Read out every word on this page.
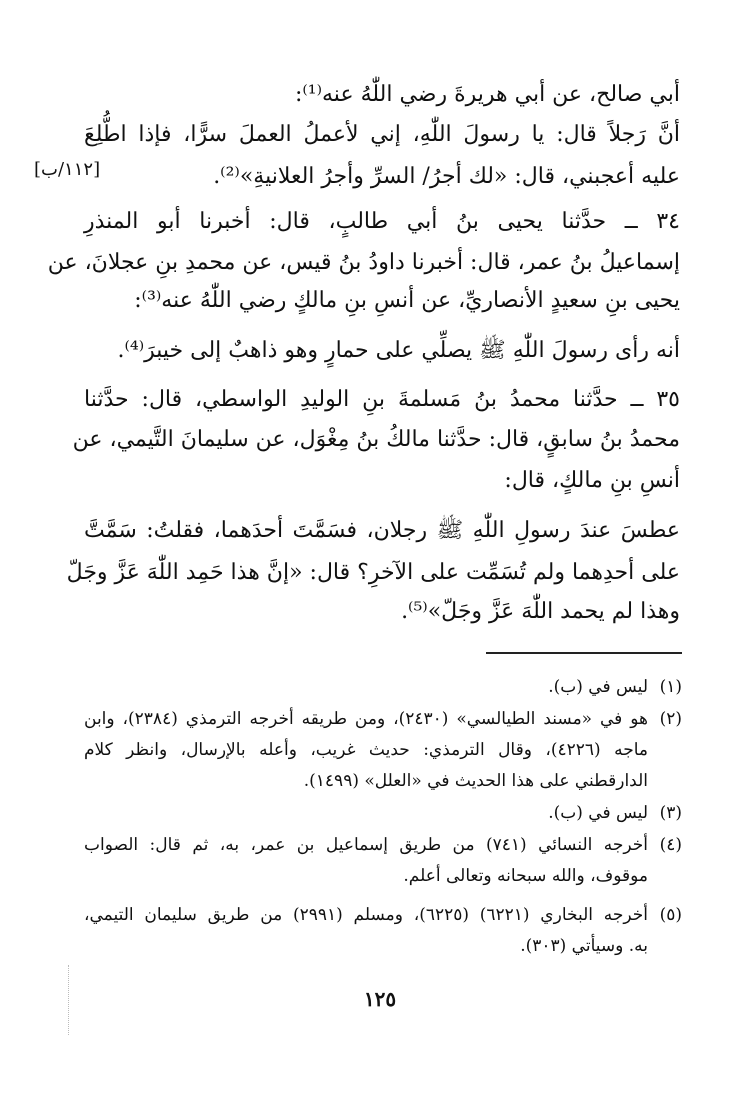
[١١٢/ب]
أبي صالح، عن أبي هريرةَ رضي اللّٰهُ عنه⁽¹⁾:
أنَّ رَجلاً قال: يا رسولَ اللّٰهِ، إني لأعملُ العملَ سرًّا، فإذا اطُّلِعَ
عليه أعجبني، قال: «لك أجرُ/ السرِّ وأجرُ العلانيةِ»⁽²⁾.
٣٤ ــ حدَّثنا يحيى بنُ أبي طالبٍ، قال: أخبرنا أبو المنذرِ
إسماعيلُ بنُ عمر، قال: أخبرنا داودُ بنُ قيس، عن محمدِ بنِ عجلانَ، عن
يحيى بنِ سعيدٍ الأنصاريِّ، عن أنسِ بنِ مالكٍ رضي اللّٰهُ عنه⁽³⁾:
أنه رأى رسولَ اللّٰهِ ﷺ يصلِّي على حمارٍ وهو ذاهبٌ إلى خيبرَ⁽⁴⁾.
٣٥ ــ حدَّثنا محمدُ بنُ مَسلمةَ بنِ الوليدِ الواسطي، قال: حدَّثنا
محمدُ بنُ سابقٍ، قال: حدَّثنا مالكُ بنُ مِغْوَل، عن سليمانَ التَّيمي، عن
أنسِ بنِ مالكٍ، قال:
عطسَ عندَ رسولِ اللّٰهِ ﷺ رجلان، فسَمَّتَ أحدَهما، فقلتُ: سَمَّتَّ
على أحدِهما ولم تُسَمِّت على الآخرِ؟ قال: «إنَّ هذا حَمِد اللّٰهَ عَزَّ وجَلّ
وهذا لم يحمد اللّٰهَ عَزَّ وجَلّ»⁽⁵⁾.
(١)
ليس في (ب).
(٢)
هو في «مسند الطيالسي» (٢٤٣٠)، ومن طريقه أخرجه الترمذي (٢٣٨٤)، وابن
ماجه (٤٢٢٦)، وقال الترمذي: حديث غريب، وأعله بالإرسال، وانظر كلام
الدارقطني على هذا الحديث في «العلل» (١٤٩٩).
(٣)
ليس في (ب).
(٤)
أخرجه النسائي (٧٤١) من طريق إسماعيل بن عمر، به، ثم قال: الصواب
موقوف، والله سبحانه وتعالى أعلم.
(٥)
أخرجه البخاري (٦٢٢١) (٦٢٢٥)، ومسلم (٢٩٩١) من طريق سليمان التيمي،
به. وسيأتي (٣٠٣).
١٢٥
